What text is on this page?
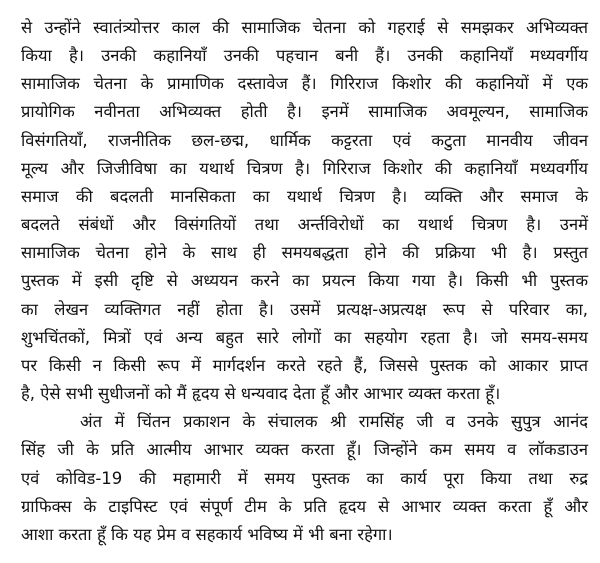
से उन्होंने स्वातंत्र्योत्तर काल की सामाजिक चेतना को गहराई से समझकर अभिव्यक्त
किया है। उनकी कहानियाँ उनकी पहचान बनी हैं। उनकी कहानियाँ मध्यवर्गीय
सामाजिक चेतना के प्रामाणिक दस्तावेज हैं। गिरिराज किशोर की कहानियों में एक
प्रायोगिक नवीनता अभिव्यक्त होती है। इनमें सामाजिक अवमूल्यन, सामाजिक
विसंगतियाँ, राजनीतिक छल-छद्म, धार्मिक कट्टरता एवं कटुता मानवीय जीवन
मूल्य और जिजीविषा का यथार्थ चित्रण है। गिरिराज किशोर की कहानियाँ मध्यवर्गीय
समाज की बदलती मानसिकता का यथार्थ चित्रण है। व्यक्ति और समाज के
बदलते संबंधों और विसंगतियों तथा अर्न्तविरोधों का यथार्थ चित्रण है। उनमें
सामाजिक चेतना होने के साथ ही समयबद्धता होने की प्रक्रिया भी है। प्रस्तुत
पुस्तक में इसी दृष्टि से अध्ययन करने का प्रयत्न किया गया है। किसी भी पुस्तक
का लेखन व्यक्तिगत नहीं होता है। उसमें प्रत्यक्ष-अप्रत्यक्ष रूप से परिवार का,
शुभचिंतकों, मित्रों एवं अन्य बहुत सारे लोगों का सहयोग रहता है। जो समय-समय
पर किसी न किसी रूप में मार्गदर्शन करते रहते हैं, जिससे पुस्तक को आकार प्राप्त
है, ऐसे सभी सुधीजनों को मैं हृदय से धन्यवाद देता हूँ और आभार व्यक्त करता हूँ।
अंत में चिंतन प्रकाशन के संचालक श्री रामसिंह जी व उनके सुपुत्र आनंद
सिंह जी के प्रति आत्मीय आभार व्यक्त करता हूँ। जिन्होंने कम समय व लॉकडाउन
एवं कोविड-19 की महामारी में समय पुस्तक का कार्य पूरा किया तथा रुद्र
ग्राफिक्स के टाइपिस्ट एवं संपूर्ण टीम के प्रति हृदय से आभार व्यक्त करता हूँ और
आशा करता हूँ कि यह प्रेम व सहकार्य भविष्य में भी बना रहेगा।
